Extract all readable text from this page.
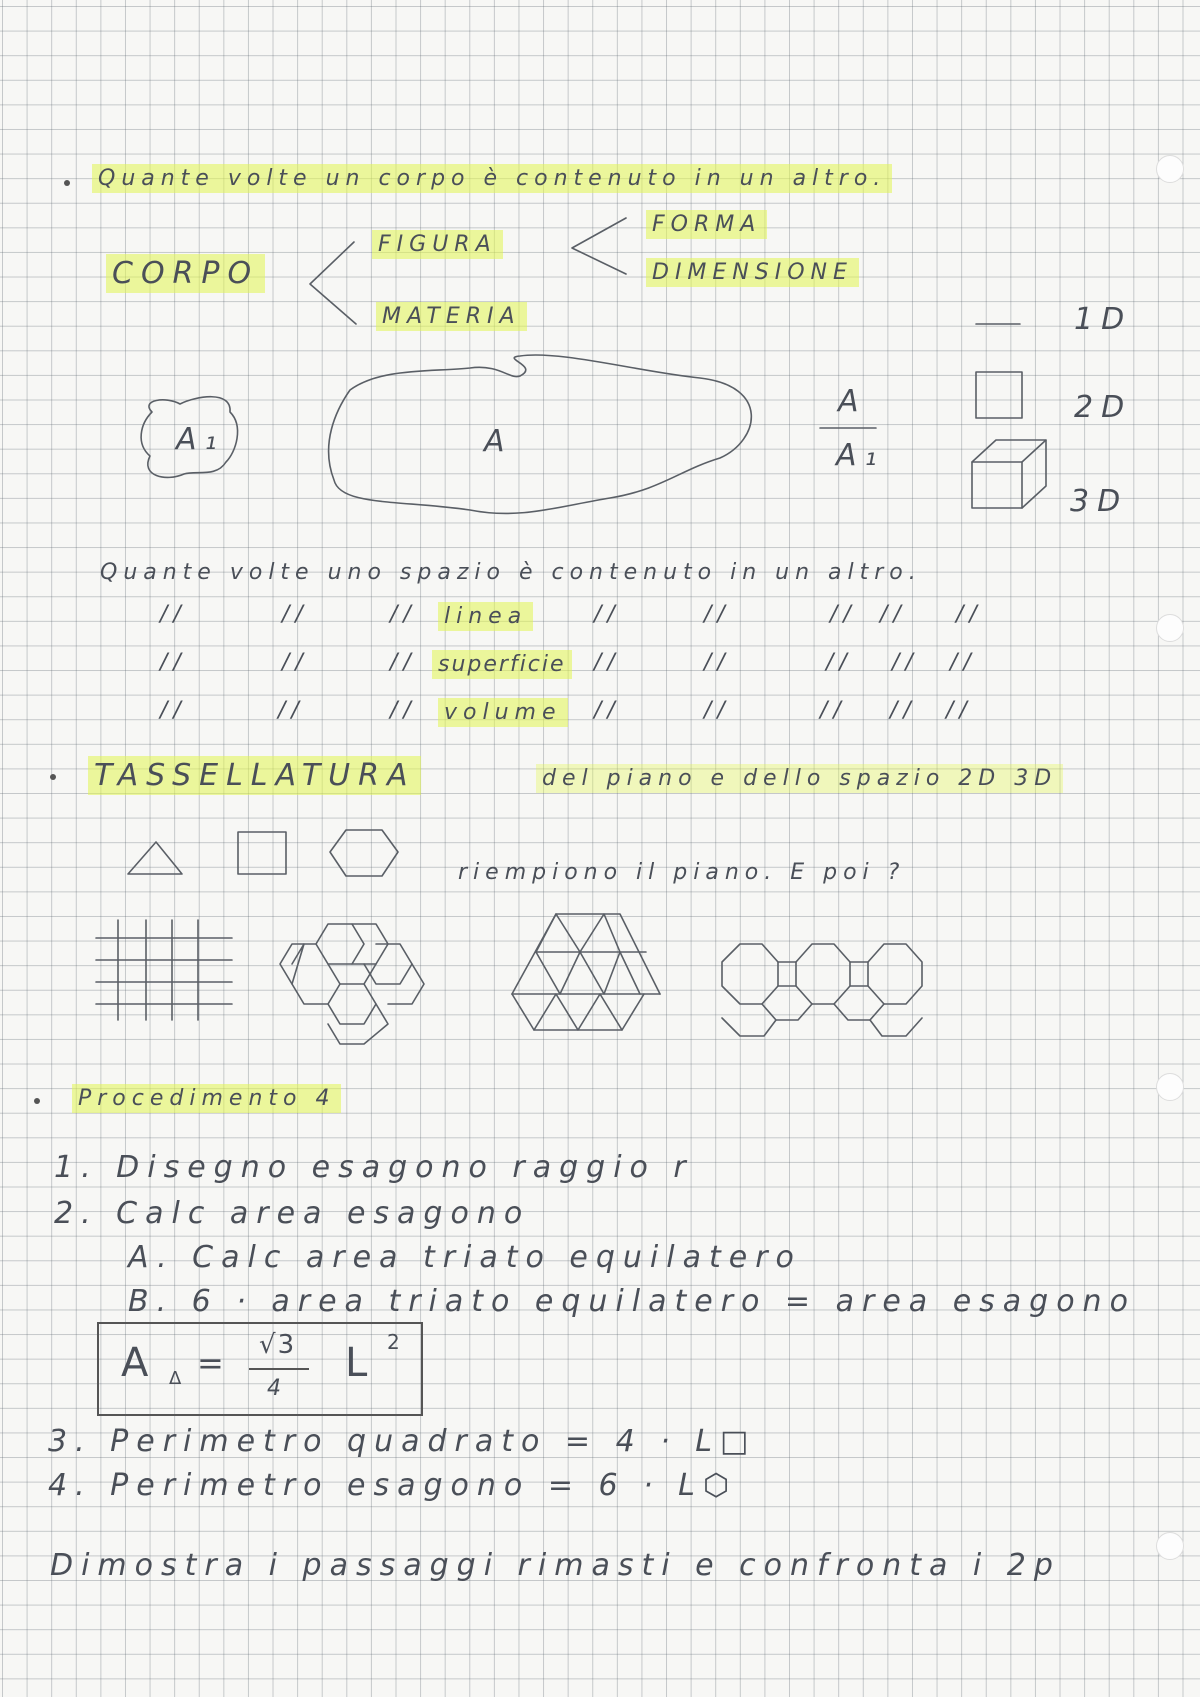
Quante volte un corpo è contenuto in un altro.
CORPO
FIGURA
MATERIA
FORMA
DIMENSIONE
A₁	A
A
A₁
1D
2D
3D
Quante volte uno spazio è contenuto in un altro.
//	//	// linea	//	//	// // //
//	//	// superficie //	//	// // //
//	//	// volume //	//	// // //
TASSELLATURA	del piano e dello spazio 2D 3D
riempiono il piano. E poi ?
Procedimento 4
1. Disegno esagono raggio r
2. Calc area esagono
A. Calc area triato equilatero
B. 6 · area triato equilatero = area esagono
A Δ = √3
4
L 2
3. Perimetro quadrato = 4 · L□
4. Perimetro esagono = 6 · L⬡
Dimostra i passaggi rimasti e confronta i 2p
